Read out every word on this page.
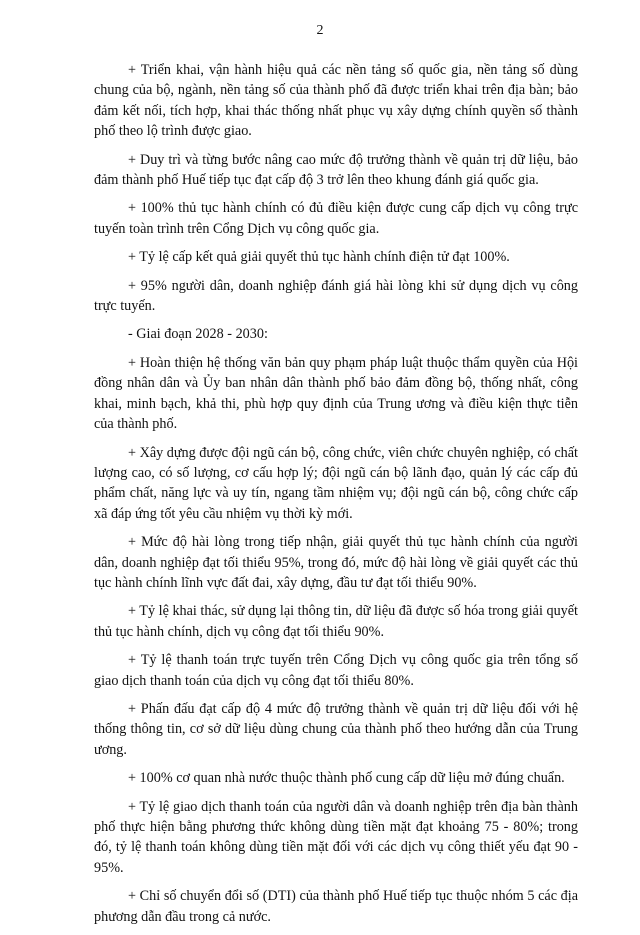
2

+ Triển khai, vận hành hiệu quả các nền tảng số quốc gia, nền tảng số dùng chung của bộ, ngành, nền tảng số của thành phố đã được triển khai trên địa bàn; bảo đảm kết nối, tích hợp, khai thác thống nhất phục vụ xây dựng chính quyền số thành phố theo lộ trình được giao.

+ Duy trì và từng bước nâng cao mức độ trưởng thành về quản trị dữ liệu, bảo đảm thành phố Huế tiếp tục đạt cấp độ 3 trở lên theo khung đánh giá quốc gia.

+ 100% thủ tục hành chính có đủ điều kiện được cung cấp dịch vụ công trực tuyến toàn trình trên Cổng Dịch vụ công quốc gia.

+ Tỷ lệ cấp kết quả giải quyết thủ tục hành chính điện tử đạt 100%.

+ 95% người dân, doanh nghiệp đánh giá hài lòng khi sử dụng dịch vụ công trực tuyến.

- Giai đoạn 2028 - 2030:

+ Hoàn thiện hệ thống văn bản quy phạm pháp luật thuộc thẩm quyền của Hội đồng nhân dân và Ủy ban nhân dân thành phố bảo đảm đồng bộ, thống nhất, công khai, minh bạch, khả thi, phù hợp quy định của Trung ương và điều kiện thực tiễn của thành phố.

+ Xây dựng được đội ngũ cán bộ, công chức, viên chức chuyên nghiệp, có chất lượng cao, có số lượng, cơ cấu hợp lý; đội ngũ cán bộ lãnh đạo, quản lý các cấp đủ phẩm chất, năng lực và uy tín, ngang tầm nhiệm vụ; đội ngũ cán bộ, công chức cấp xã đáp ứng tốt yêu cầu nhiệm vụ thời kỳ mới.

+ Mức độ hài lòng trong tiếp nhận, giải quyết thủ tục hành chính của người dân, doanh nghiệp đạt tối thiểu 95%, trong đó, mức độ hài lòng về giải quyết các thủ tục hành chính lĩnh vực đất đai, xây dựng, đầu tư đạt tối thiểu 90%.

+ Tỷ lệ khai thác, sử dụng lại thông tin, dữ liệu đã được số hóa trong giải quyết thủ tục hành chính, dịch vụ công đạt tối thiểu 90%.

+ Tỷ lệ thanh toán trực tuyến trên Cổng Dịch vụ công quốc gia trên tổng số giao dịch thanh toán của dịch vụ công đạt tối thiểu 80%.

+ Phấn đấu đạt cấp độ 4 mức độ trưởng thành về quản trị dữ liệu đối với hệ thống thông tin, cơ sở dữ liệu dùng chung của thành phố theo hướng dẫn của Trung ương.

+ 100% cơ quan nhà nước thuộc thành phố cung cấp dữ liệu mở đúng chuẩn.

+ Tỷ lệ giao dịch thanh toán của người dân và doanh nghiệp trên địa bàn thành phố thực hiện bằng phương thức không dùng tiền mặt đạt khoảng 75 - 80%; trong đó, tỷ lệ thanh toán không dùng tiền mặt đối với các dịch vụ công thiết yếu đạt 90 - 95%.

+ Chỉ số chuyển đổi số (DTI) của thành phố Huế tiếp tục thuộc nhóm 5 các địa phương dẫn đầu trong cả nước.
